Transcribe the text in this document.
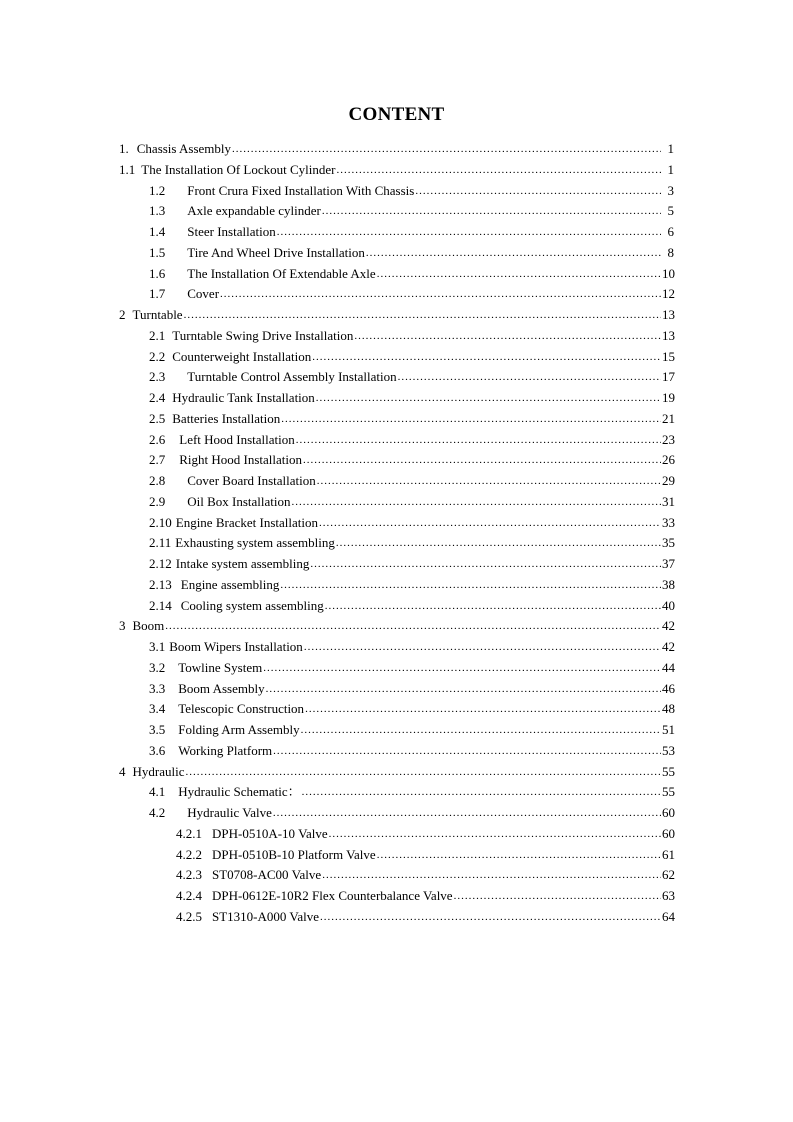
CONTENT
1. Chassis Assembly .....	1
1.1 The Installation Of Lockout Cylinder .....	1
1.2 Front Crura Fixed Installation With Chassis .....	3
1.3 Axle expandable cylinder .....	5
1.4 Steer Installation .....	6
1.5 Tire And Wheel Drive Installation .....	8
1.6 The Installation Of Extendable Axle .....	10
1.7 Cover .....	12
2 Turntable .....	13
2.1 Turntable Swing Drive Installation .....	13
2.2 Counterweight Installation .....	15
2.3 Turntable Control Assembly Installation .....	17
2.4 Hydraulic Tank Installation .....	19
2.5 Batteries Installation .....	21
2.6 Left Hood Installation .....	23
2.7 Right Hood Installation .....	26
2.8 Cover Board Installation .....	29
2.9 Oil Box Installation .....	31
2.10 Engine Bracket Installation .....	33
2.11 Exhausting system assembling .....	35
2.12 Intake system assembling .....	37
2.13 Engine assembling .....	38
2.14 Cooling system assembling .....	40
3 Boom .....	42
3.1 Boom Wipers Installation .....	42
3.2 Towline System .....	44
3.3 Boom Assembly .....	46
3.4 Telescopic Construction .....	48
3.5 Folding Arm Assembly .....	51
3.6 Working Platform .....	53
4 Hydraulic .....	55
4.1 Hydraulic Schematic： .....	55
4.2 Hydraulic Valve .....	60
4.2.1 DPH-0510A-10 Valve .....	60
4.2.2 DPH-0510B-10 Platform Valve .....	61
4.2.3 ST0708-AC00 Valve .....	62
4.2.4 DPH-0612E-10R2 Flex Counterbalance Valve .....	63
4.2.5 ST1310-A000 Valve .....	64
